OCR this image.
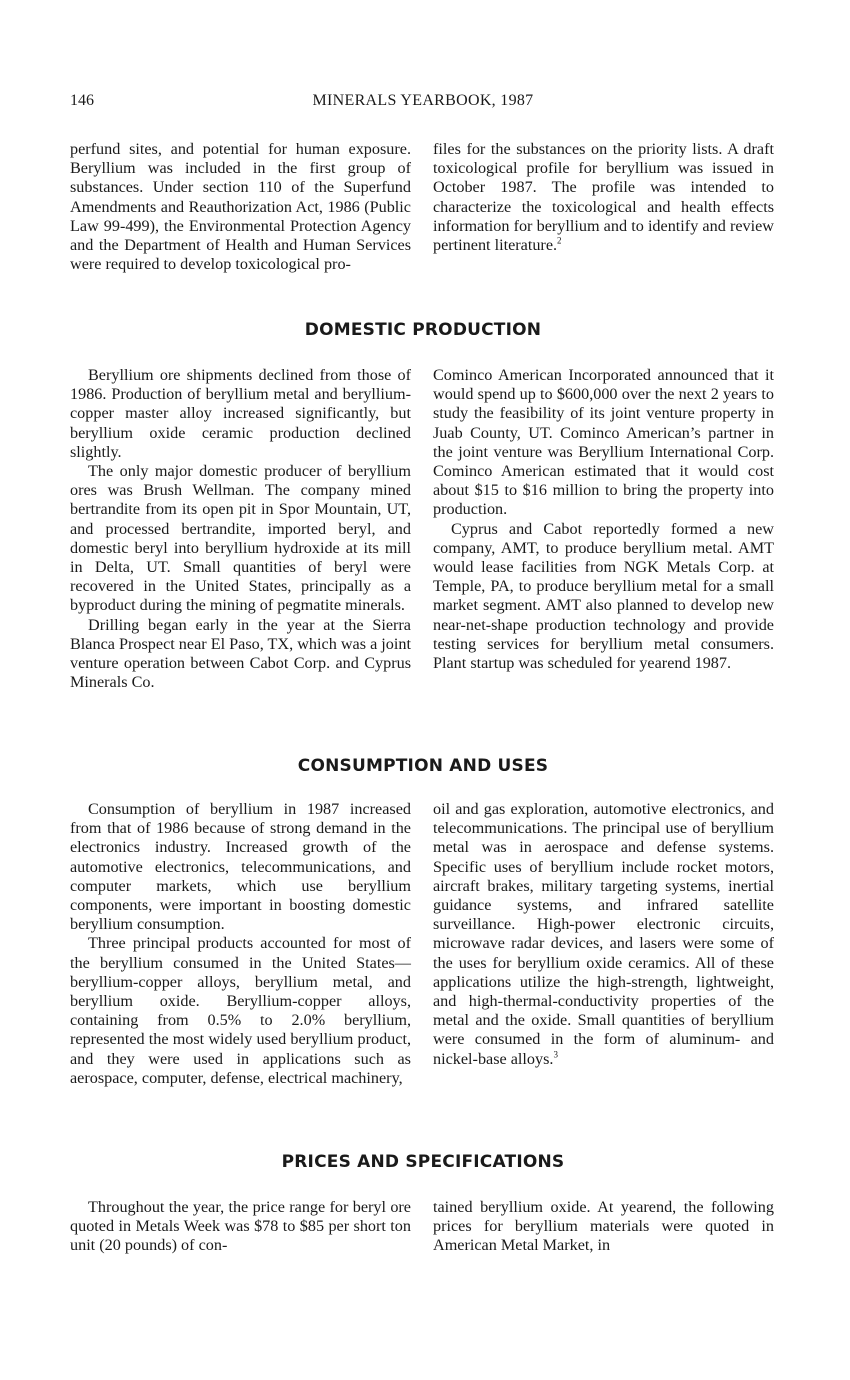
146	MINERALS YEARBOOK, 1987

perfund sites, and potential for human exposure. Beryllium was included in the first group of substances. Under section 110 of the Superfund Amendments and Reauthorization Act, 1986 (Public Law 99-499), the Environmental Protection Agency and the Department of Health and Human Services were required to develop toxicological pro-

files for the substances on the priority lists. A draft toxicological profile for beryllium was issued in October 1987. The profile was intended to characterize the toxicological and health effects information for beryllium and to identify and review pertinent literature.$^2$

DOMESTIC PRODUCTION

Beryllium ore shipments declined from those of 1986. Production of beryllium metal and beryllium-copper master alloy increased significantly, but beryllium oxide ceramic production declined slightly.

The only major domestic producer of beryllium ores was Brush Wellman. The company mined bertrandite from its open pit in Spor Mountain, UT, and processed bertrandite, imported beryl, and domestic beryl into beryllium hydroxide at its mill in Delta, UT. Small quantities of beryl were recovered in the United States, principally as a byproduct during the mining of pegmatite minerals.

Drilling began early in the year at the Sierra Blanca Prospect near El Paso, TX, which was a joint venture operation between Cabot Corp. and Cyprus Minerals Co.

Cominco American Incorporated announced that it would spend up to $600,000 over the next 2 years to study the feasibility of its joint venture property in Juab County, UT. Cominco American’s partner in the joint venture was Beryllium International Corp. Cominco American estimated that it would cost about $15 to $16 million to bring the property into production.

Cyprus and Cabot reportedly formed a new company, AMT, to produce beryllium metal. AMT would lease facilities from NGK Metals Corp. at Temple, PA, to produce beryllium metal for a small market segment. AMT also planned to develop new near-net-shape production technology and provide testing services for beryllium metal consumers. Plant startup was scheduled for yearend 1987.

CONSUMPTION AND USES

Consumption of beryllium in 1987 increased from that of 1986 because of strong demand in the electronics industry. Increased growth of the automotive electronics, telecommunications, and computer markets, which use beryllium components, were important in boosting domestic beryllium consumption.

Three principal products accounted for most of the beryllium consumed in the United States—beryllium-copper alloys, beryllium metal, and beryllium oxide. Beryllium-copper alloys, containing from 0.5% to 2.0% beryllium, represented the most widely used beryllium product, and they were used in applications such as aerospace, computer, defense, electrical machinery,

oil and gas exploration, automotive electronics, and telecommunications. The principal use of beryllium metal was in aerospace and defense systems. Specific uses of beryllium include rocket motors, aircraft brakes, military targeting systems, inertial guidance systems, and infrared satellite surveillance. High-power electronic circuits, microwave radar devices, and lasers were some of the uses for beryllium oxide ceramics. All of these applications utilize the high-strength, lightweight, and high-thermal-conductivity properties of the metal and the oxide. Small quantities of beryllium were consumed in the form of aluminum- and nickel-base alloys.$^3$

PRICES AND SPECIFICATIONS

Throughout the year, the price range for beryl ore quoted in Metals Week was $78 to $85 per short ton unit (20 pounds) of con-

tained beryllium oxide. At yearend, the following prices for beryllium materials were quoted in American Metal Market, in
